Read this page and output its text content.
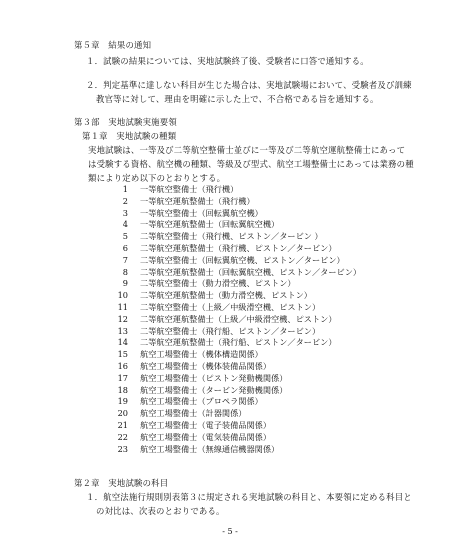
第５章　結果の通知
１．試験の結果については、実地試験終了後、受験者に口答で通知する。
２．判定基準に達しない科目が生じた場合は、実地試験場において、受験者及び訓練
教官等に対して、理由を明確に示した上で、不合格である旨を通知する。
第３部　実地試験実施要領
第１章　実地試験の種類
実地試験は、一等及び二等航空整備士並びに一等及び二等航空運航整備士にあって
は受験する資格、航空機の種類、等級及び型式、航空工場整備士にあっては業務の種
類により定め以下のとおりとする。
1 一等航空整備士（飛行機）
2 一等航空運航整備士（飛行機）
3 一等航空整備士（回転翼航空機）
4 一等航空運航整備士（回転翼航空機）
5 二等航空整備士（飛行機、ピストン／タービン ）
6 二等航空運航整備士（飛行機、ピストン／タービン）
7 二等航空整備士（回転翼航空機、ピストン／タービン）
8 二等航空運航整備士（回転翼航空機、ピストン／タービン）
9 二等航空整備士（動力滑空機、ピストン）
10 二等航空運航整備士（動力滑空機、ピストン）
11 二等航空整備士（上級／中級滑空機、ピストン）
12 二等航空運航整備士（上級／中級滑空機、ピストン）
13 二等航空整備士（飛行船、ピストン／タービン）
14 二等航空運航整備士（飛行船、ピストン／タービン）
15 航空工場整備士（機体構造関係）
16 航空工場整備士（機体装備品関係）
17 航空工場整備士（ピストン発動機関係）
18 航空工場整備士（タービン発動機関係）
19 航空工場整備士（プロペラ関係）
20 航空工場整備士（計器関係）
21 航空工場整備士（電子装備品関係）
22 航空工場整備士（電気装備品関係）
23 航空工場整備士（無線通信機器関係）
第２章　実地試験の科目
１．航空法施行規則別表第３に規定される実地試験の科目と、本要領に定める科目と
の対比は、次表のとおりである。
- 5 -
